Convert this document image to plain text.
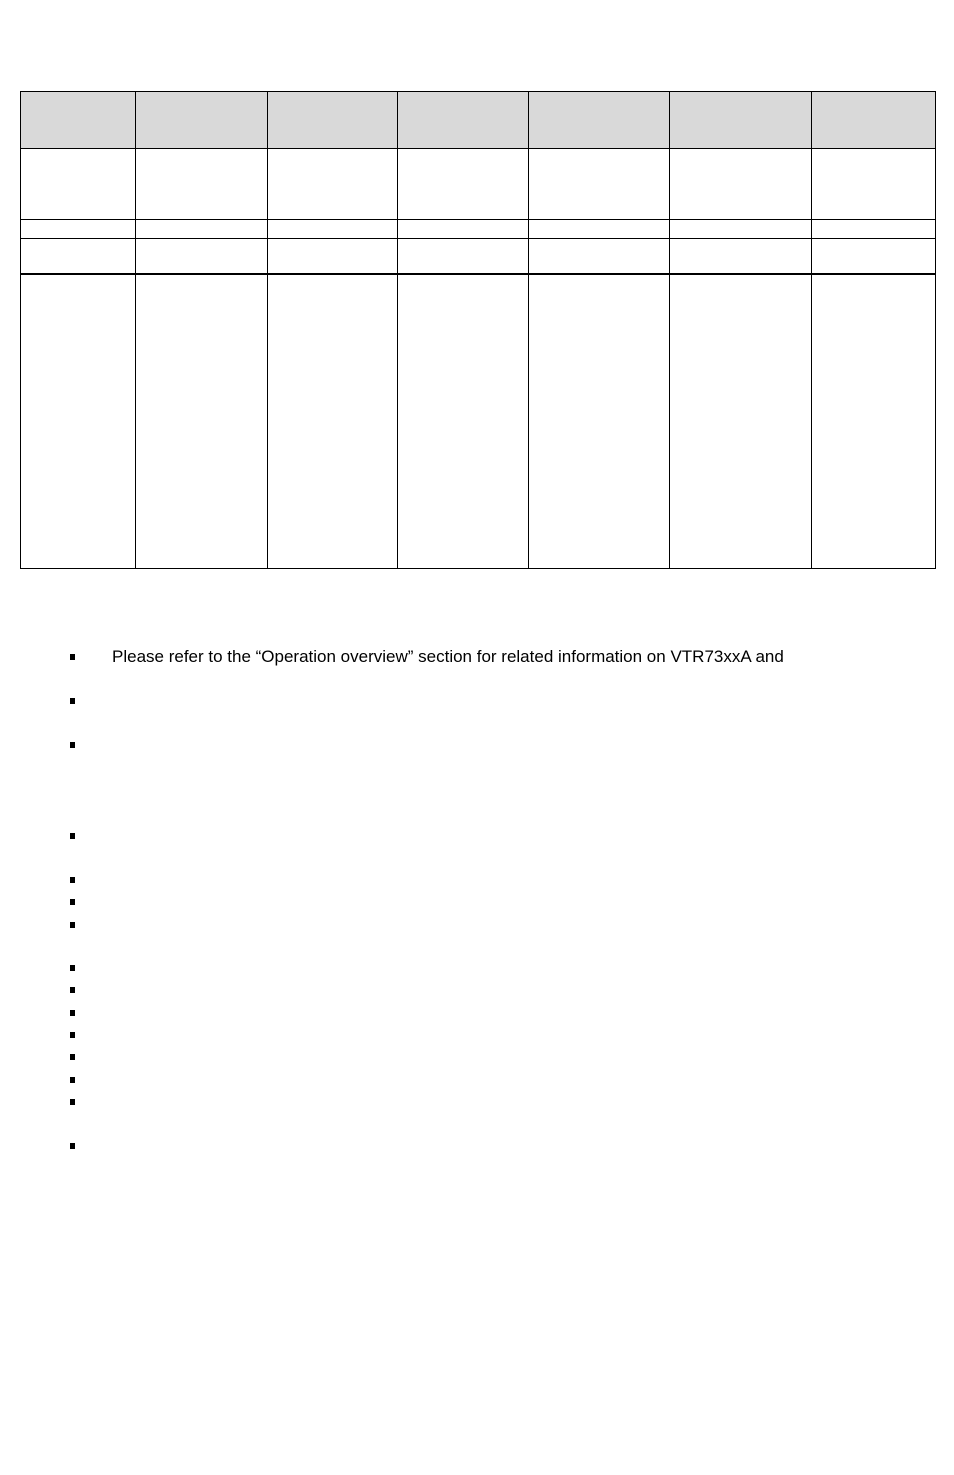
Please refer to the “Operation overview” section for related information on VTR73xxA and
